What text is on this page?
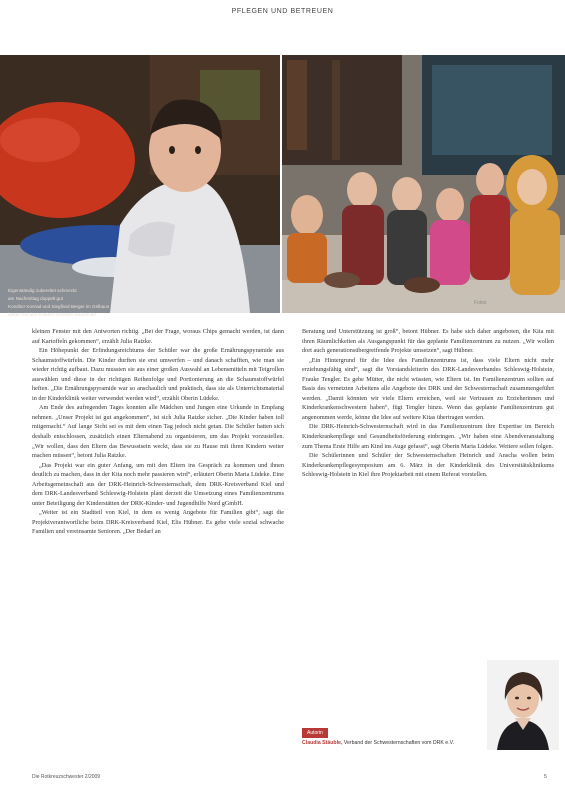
PFLEGEN UND BETREUEN
Eigenständig zubereitet schmeckt
am Nachmittag doppelt gut
Konditor Konrad und Siegfried Berger im Gelbaus
hatten mit den Kindern Gemüse vorbereitet
Fotos

kleinen Fenster mit den Antworten richtig. „Bei der Frage, woraus Chips gemacht werden, ist dann auf Kartoffeln gekommen“, erzählt Julia Ratzke.

Ein Höhepunkt der Erfindungsreichtums der Schüler war die große Ernährungspyramide aus Schaumstoffwürfeln. Die Kinder durften sie erst umwerfen – und danach schafften, wie man sie wieder richtig aufbaut. Dazu mussten sie aus einer großen Auswahl an Lebensmitteln mit Teigrollen auswählen und diese in der richtigen Reihenfolge und Portionierung an die Schaumstoffwürfel heften. „Die Ernährungspyramide war so anschaulich und praktisch, dass sie als Unterrichtsmaterial in der Kinderklinik weiter verwendet werden wird“, erzählt Oberin Lüdeke.

Am Ende des aufregenden Tages konnten alle Mädchen und Jungen eine Urkunde in Empfang nehmen. „Unser Projekt ist gut angekommen“, ist sich Julia Ratzke sicher. „Die Kinder haben toll mitgemacht.“ Auf lange Sicht sei es mit dem einen Tag jedoch nicht getan. Die Schüler hatten sich deshalb entschlossen, zusätzlich einen Elternabend zu organisieren, um das Projekt vorzustellen. „Wir wollen, dass den Eltern das Bewusstsein weckt, dass sie zu Hause mit ihren Kindern weiter machen müssen“, betont Julia Ratzke.

„Das Projekt war ein guter Anfang, um mit den Eltern ins Gespräch zu kommen und ihnen deutlich zu machen, dass in der Kita noch mehr passieren wird“, erläutert Oberin Maria Lüdeke. Eine Arbeitsgemeinschaft aus der DRK-Heinrich-Schwesternschaft, dem DRK-Kreisverband Kiel und dem DRK-Landesverband Schleswig-Holstein plant derzeit die Umsetzung eines Familienzentrums unter Beteiligung der Kinderstätten der DRK-Kinder- und Jugendhilfe Nord gGmbH.

„Weiter ist ein Stadtteil von Kiel, in dem es wenig Angebote für Familien gibt“, sagt die Projektverantwortliche beim DRK-Kreisverband Kiel, Elis Hübner. Es gebe viele sozial schwache Familien und vereinsamte Senioren. „Der Bedarf an

Beratung und Unterstützung ist groß“, betont Hübner. Es habe sich daher angeboten, die Kita mit ihren Räumlichkeiten als Ausgangspunkt für das geplante Familienzentrum zu nutzen. „Wir wollen dort auch generationsübergreifende Projekte umsetzen“, sagt Hübner.

„Ein Hintergrund für die Idee des Familienzentrums ist, dass viele Eltern nicht mehr erziehungsfähig sind“, sagt die Vorstandsleiterin des DRK-Landesverbandes Schleswig-Holstein, Frauke Tengler. Es gebe Mütter, die nicht wüssten, wie Eltern ist. Im Familienzentrum sollten auf Basis des vernetzten Arbeitens alle Angebote des DRK und der Schwesternschaft zusammengeführt werden. „Damit könnten wir viele Eltern erreichen, weil sie Vertrauen zu Erzieherinnen und Kinderkrankenschwestern haben“, fügt Tengler hinzu. Wenn das geplante Familienzentrum gut angenommen werde, könne die Idee auf weitere Kitas übertragen werden.

Die DRK-Heinrich-Schwesternschaft wird in das Familienzentrum ihre Expertise im Bereich Kinderkrankenpflege und Gesundheitsförderung einbringen. „Wir haben eine Abendveranstaltung zum Thema Erste Hilfe am Kind ins Auge gefasst“, sagt Oberin Maria Lüdeke. Weitere sollen folgen.

Die Schülerinnen und Schüler der Schwesternschaften Heinrich und Anscha wollen beim Kinderkrankenpflegesymposium am 6. März in der Kinderklinik des Universitätsklinikums Schleswig-Holstein in Kiel ihre Projektarbeit mit einem Referat vorstellen.

Autorin
Claudia Stäuble, Verband der Schwesternschaften vom DRK e.V.
Die Rotkreuzschwester 2/2009	5
